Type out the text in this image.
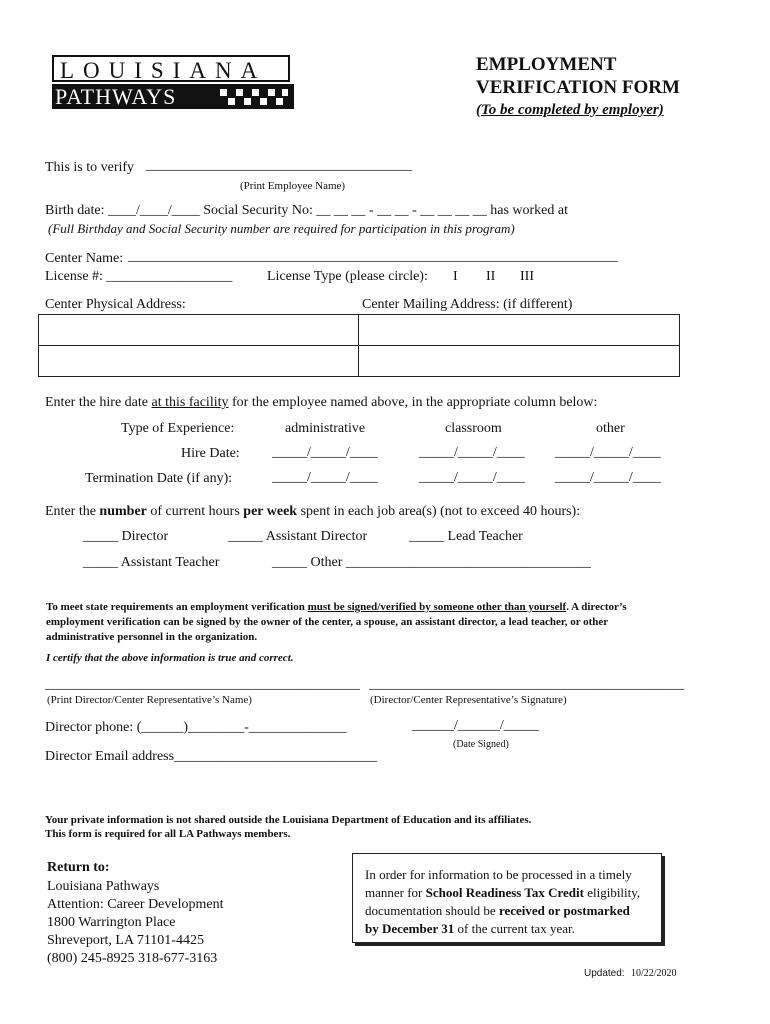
LOUISIANA
PATHWAYS
EMPLOYMENT
VERIFICATION FORM
(To be completed by employer)
This is to verify ______________________________________
(Print Employee Name)
Birth date: ____/____/____ Social Security No: __ __ __ - __ __ - __ __ __ __ has worked at
(Full Birthday and Social Security number are required for participation in this program)
Center Name: ______________________________________________________________________
License #: __________________ License Type (please circle): I II III
Center Physical Address:	Center Mailing Address: (if different)
Enter the hire date at this facility for the employee named above, in the appropriate column below:
Type of Experience:	administrative	classroom	other
Hire Date: _____/_____/____	_____/_____/____ _____/_____/____
Termination Date (if any):	_____/_____/____	_____/_____/____ _____/_____/____
Enter the number of current hours per week spent in each job area(s) (not to exceed 40 hours):
_____ Director	_____ Assistant Director	_____ Lead Teacher
_____ Assistant Teacher	_____ Other ___________________________________
To meet state requirements an employment verification must be signed/verified by someone other than yourself. A director’s
employment verification can be signed by the owner of the center, a spouse, an assistant director, a lead teacher, or other
administrative personnel in the organization.
I certify that the above information is true and correct.
_____________________________________________
(Print Director/Center Representative’s Name)
_____________________________________________
(Director/Center Representative’s Signature)
Director phone: (______)________-______________	______/______/_____
(Date Signed)
Director Email address_____________________________
Your private information is not shared outside the Louisiana Department of Education and its affiliates.
This form is required for all LA Pathways members.
Return to:
Louisiana Pathways
Attention: Career Development
1800 Warrington Place
Shreveport, LA 71101-4425
(800) 245-8925 318-677-3163
In order for information to be processed in a timely
manner for School Readiness Tax Credit eligibility,
documentation should be received or postmarked
by December 31 of the current tax year.
Updated: 10/22/2020
